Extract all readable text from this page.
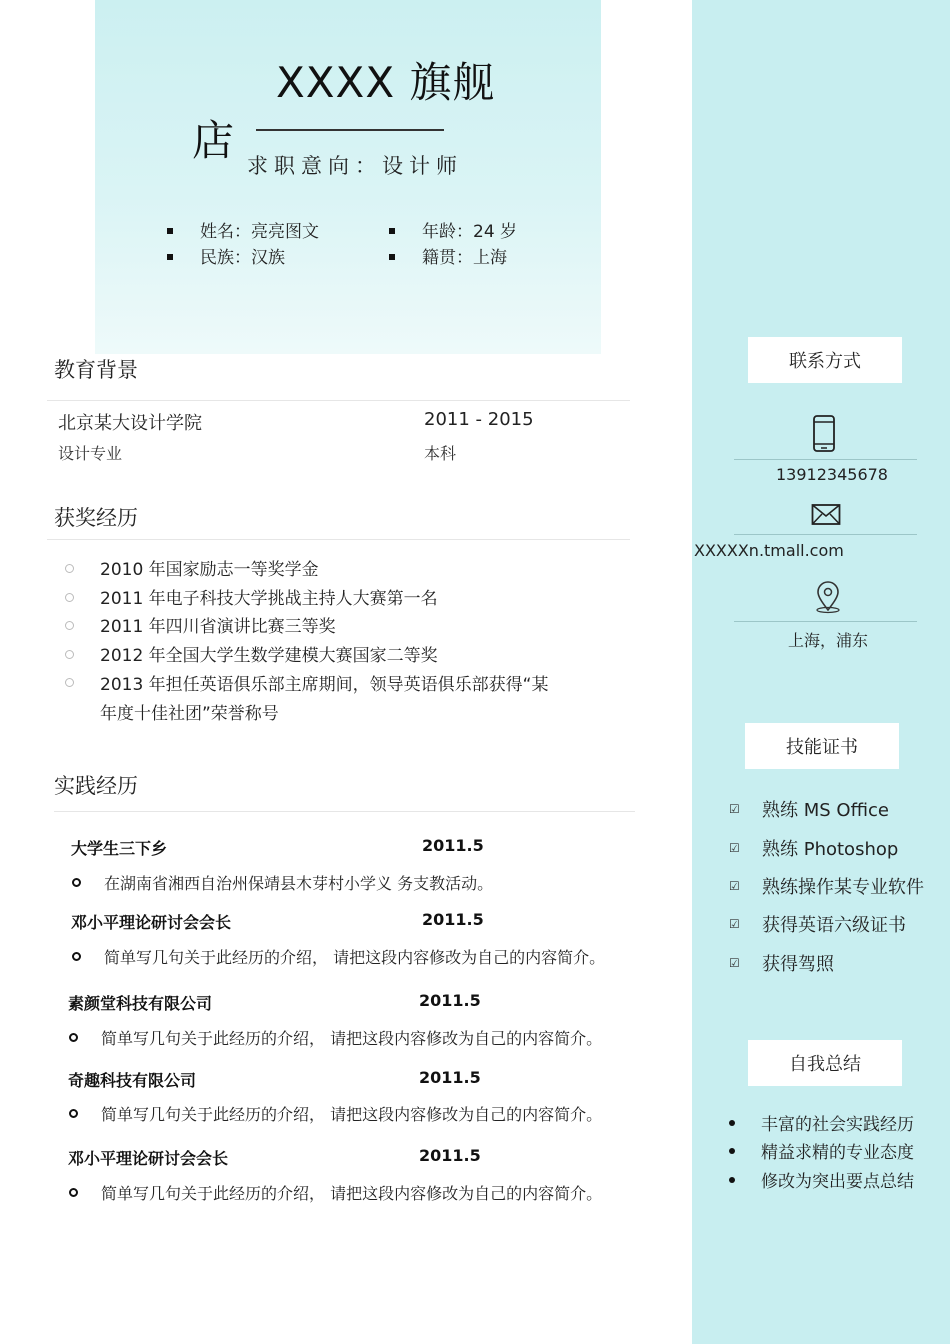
XXXX 旗舰
店
求职意向：设计师
姓名：亮亮图文	年龄：24 岁
民族：汉族	籍贯：上海
教育背景
北京某大设计学院	2011 - 2015
设计专业	本科
获奖经历
2010 年国家励志一等奖学金
2011 年电子科技大学挑战主持人大赛第一名
2011 年四川省演讲比赛三等奖
2012 年全国大学生数学建模大赛国家二等奖
2013 年担任英语俱乐部主席期间，领导英语俱乐部获得“某
年度十佳社团”荣誉称号
实践经历
大学生三下乡	2011.5
在湖南省湘西自治州保靖县木芽村小学义 务支教活动。
邓小平理论研讨会会长	2011.5
简单写几句关于此经历的介绍， 请把这段内容修改为自己的内容简介。
素颜堂科技有限公司	2011.5
简单写几句关于此经历的介绍， 请把这段内容修改为自己的内容简介。
奇趣科技有限公司	2011.5
简单写几句关于此经历的介绍， 请把这段内容修改为自己的内容简介。
邓小平理论研讨会会长	2011.5
简单写几句关于此经历的介绍， 请把这段内容修改为自己的内容简介。
联系方式
13912345678
XXXXXn.tmall.com
上海，浦东
技能证书
☑ 熟练 MS Office
☑ 熟练 Photoshop
☑ 熟练操作某专业软件
☑ 获得英语六级证书
☑ 获得驾照
自我总结
丰富的社会实践经历
精益求精的专业态度
修改为突出要点总结
